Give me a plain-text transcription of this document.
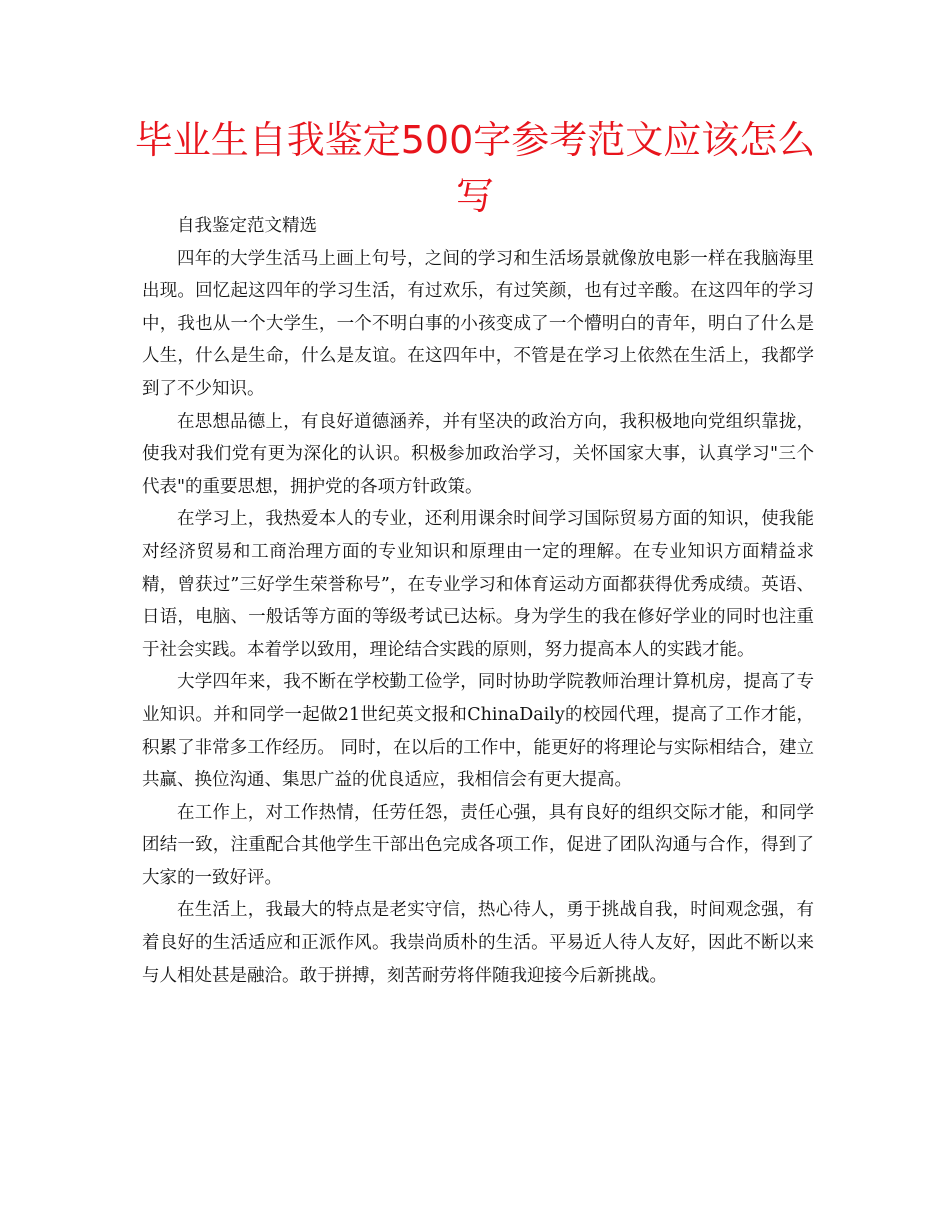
毕业生自我鉴定500字参考范文应该怎么写

自我鉴定范文精选

四年的大学生活马上画上句号，之间的学习和生活场景就像放电影一样在我脑海里出现。回忆起这四年的学习生活，有过欢乐，有过笑颜，也有过辛酸。在这四年的学习中，我也从一个大学生，一个不明白事的小孩变成了一个懵明白的青年，明白了什么是人生，什么是生命，什么是友谊。在这四年中，不管是在学习上依然在生活上，我都学到了不少知识。

在思想品德上，有良好道德涵养，并有坚决的政治方向，我积极地向党组织靠拢，使我对我们党有更为深化的认识。积极参加政治学习，关怀国家大事，认真学习"三个代表"的重要思想，拥护党的各项方针政策。

在学习上，我热爱本人的专业，还利用课余时间学习国际贸易方面的知识，使我能对经济贸易和工商治理方面的专业知识和原理由一定的理解。在专业知识方面精益求精，曾获过”三好学生荣誉称号”，在专业学习和体育运动方面都获得优秀成绩。英语、日语，电脑、一般话等方面的等级考试已达标。身为学生的我在修好学业的同时也注重于社会实践。本着学以致用，理论结合实践的原则，努力提高本人的实践才能。

大学四年来，我不断在学校勤工俭学，同时协助学院教师治理计算机房，提高了专业知识。并和同学一起做21世纪英文报和ChinaDaily的校园代理，提高了工作才能，积累了非常多工作经历。 同时，在以后的工作中，能更好的将理论与实际相结合，建立共赢、换位沟通、集思广益的优良适应，我相信会有更大提高。

在工作上，对工作热情，任劳任怨，责任心强，具有良好的组织交际才能，和同学团结一致，注重配合其他学生干部出色完成各项工作，促进了团队沟通与合作，得到了大家的一致好评。

在生活上，我最大的特点是老实守信，热心待人，勇于挑战自我，时间观念强，有着良好的生活适应和正派作风。我崇尚质朴的生活。平易近人待人友好，因此不断以来与人相处甚是融洽。敢于拼搏，刻苦耐劳将伴随我迎接今后新挑战。
